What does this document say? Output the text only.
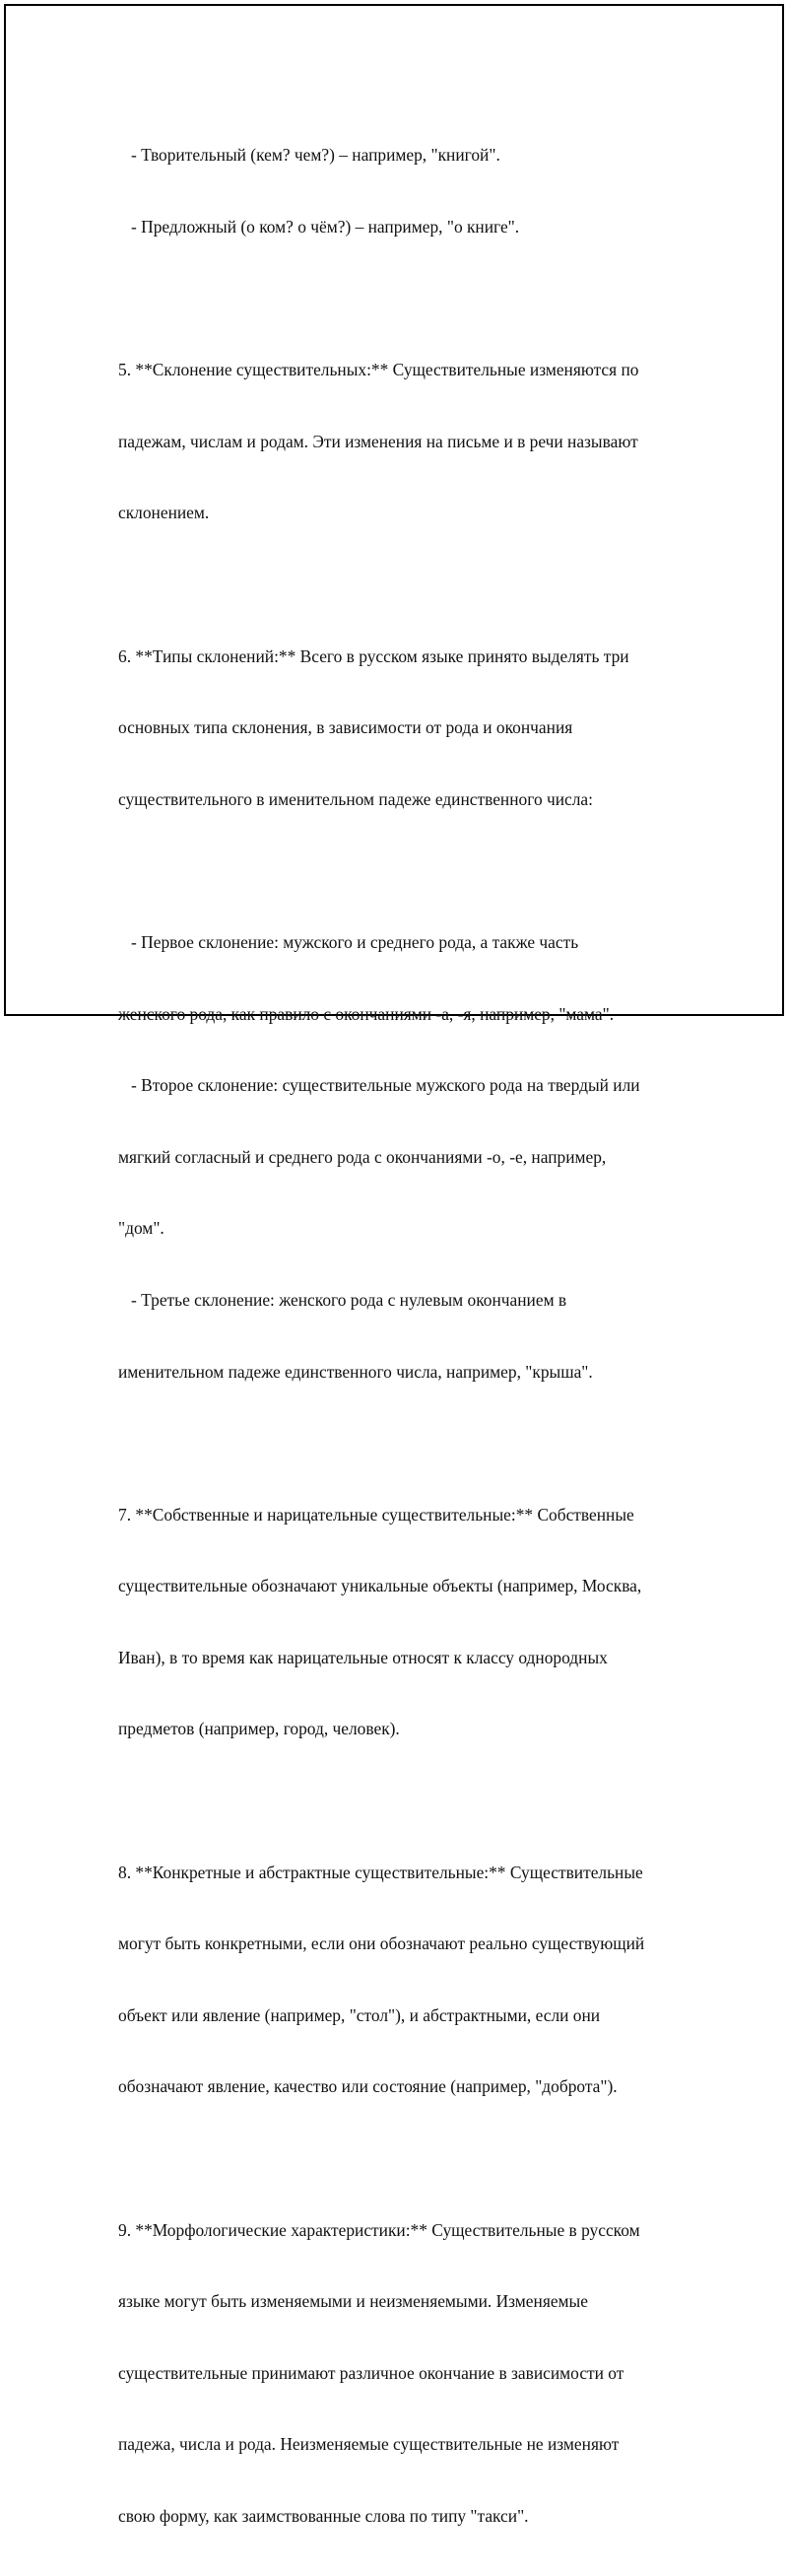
- Творительный (кем? чем?) – например, "книгой".

- Предложный (о ком? о чём?) – например, "о книге".

5. **Склонение существительных:** Существительные изменяются по

падежам, числам и родам. Эти изменения на письме и в речи называют

склонением.

6. **Типы склонений:** Всего в русском языке принято выделять три

основных типа склонения, в зависимости от рода и окончания

существительного в именительном падеже единственного числа:

- Первое склонение: мужского и среднего рода, а также часть

женского рода, как правило с окончаниями -а, -я, например, "мама".

- Второе склонение: существительные мужского рода на твердый или

мягкий согласный и среднего рода с окончаниями -о, -е, например,

"дом".

- Третье склонение: женского рода с нулевым окончанием в

именительном падеже единственного числа, например, "крыша".

7. **Собственные и нарицательные существительные:** Собственные

существительные обозначают уникальные объекты (например, Москва,

Иван), в то время как нарицательные относят к классу однородных

предметов (например, город, человек).

8. **Конкретные и абстрактные существительные:** Существительные

могут быть конкретными, если они обозначают реально существующий

объект или явление (например, "стол"), и абстрактными, если они

обозначают явление, качество или состояние (например, "доброта").

9. **Морфологические характеристики:** Существительные в русском

языке могут быть изменяемыми и неизменяемыми. Изменяемые

существительные принимают различное окончание в зависимости от

падежа, числа и рода. Неизменяемые существительные не изменяют

свою форму, как заимствованные слова по типу "такси".
